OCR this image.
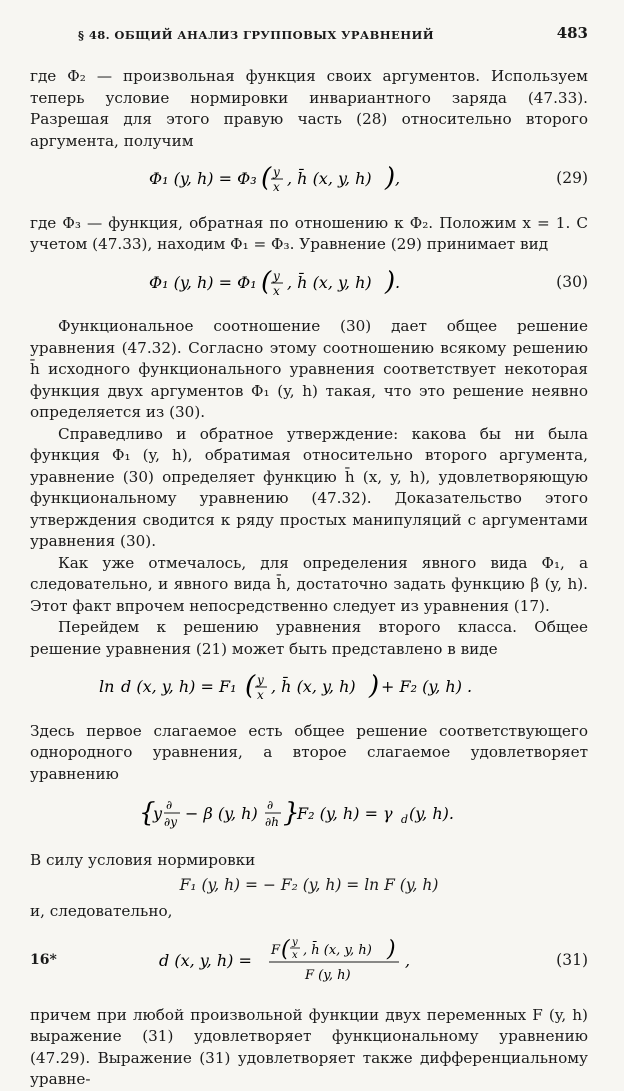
§ 48. ОБЩИЙ АНАЛИЗ ГРУППОВЫХ УРАВНЕНИЙ	483

где Φ₂ — произвольная функция своих аргументов. Используем теперь условие нормировки инвариантного заряда (47.33). Разрешая для этого правую часть (28) относительно второго аргумента, получим

Φ₁ (y, h) = Φ₃ ( y
x , h̄ (x, y, h) ) ,	(29)

где Φ₃ — функция, обратная по отношению к Φ₂. Положим x = 1. С учетом (47.33), находим Φ₁ = Φ₃. Уравнение (29) принимает вид

Φ₁ (y, h) = Φ₁ ( y
x , h̄ (x, y, h) ) .	(30)

Функциональное соотношение (30) дает общее решение уравнения (47.32). Согласно этому соотношению всякому решению h̄ исходного функционального уравнения соответствует некоторая функция двух аргументов Φ₁ (y, h) такая, что это решение неявно определяется из (30).

Справедливо и обратное утверждение: какова бы ни была функция Φ₁ (y, h), обратимая относительно второго аргумента, уравнение (30) определяет функцию h̄ (x, y, h), удовлетворяющую функциональному уравнению (47.32). Доказательство этого утверждения сводится к ряду простых манипуляций с аргументами уравнения (30).

Как уже отмечалось, для определения явного вида Φ₁, а следовательно, и явного вида h̄, достаточно задать функцию β (y, h). Этот факт впрочем непосредственно следует из уравнения (17).

Перейдем к решению уравнения второго класса. Общее решение уравнения (21) может быть представлено в виде

ln d (x, y, h) = F₁ ( y
x , h̄ (x, y, h) ) + F₂ (y, h) .

Здесь первое слагаемое есть общее решение соответствующего однородного уравнения, а второе слагаемое удовлетворяет уравнению

{
y ∂
∂y − β (y, h) ∂
∂h }
F₂ (y, h) = γ d (y, h).

В силу условия нормировки

F₁ (y, h) = − F₂ (y, h) = ln F (y, h)

и, следовательно,

d (x, y, h) =
F ( y
x , h̄ (x, y, h) )
F (y, h)
,	(31)

причем при любой произвольной функции двух переменных F (y, h) выражение (31) удовлетворяет функциональному уравнению (47.29). Выражение (31) удовлетворяет также дифференциальному уравне-

16*
